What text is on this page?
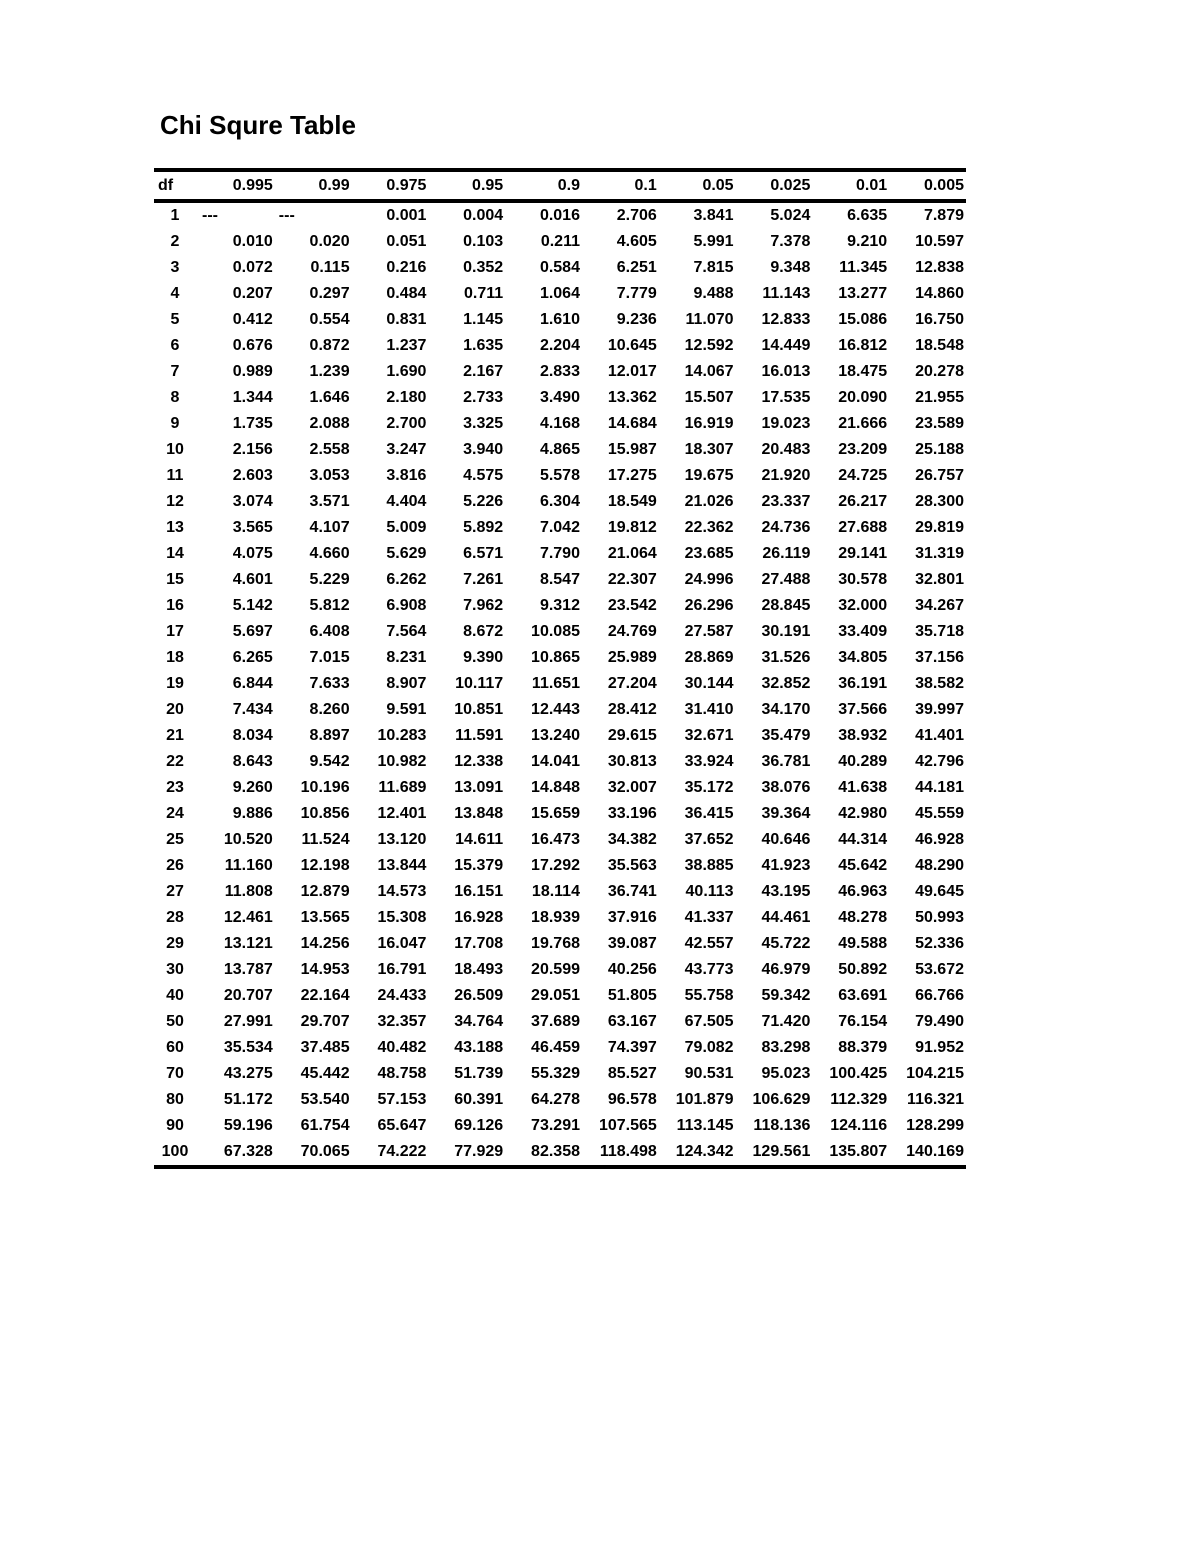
Chi Squre Table
df	0.995	0.99	0.975	0.95	0.9	0.1	0.05	0.025	0.01	0.005
1	---	---	0.001	0.004	0.016	2.706	3.841	5.024	6.635	7.879
2	0.010	0.020	0.051	0.103	0.211	4.605	5.991	7.378	9.210	10.597
3	0.072	0.115	0.216	0.352	0.584	6.251	7.815	9.348	11.345	12.838
4	0.207	0.297	0.484	0.711	1.064	7.779	9.488	11.143	13.277	14.860
5	0.412	0.554	0.831	1.145	1.610	9.236	11.070	12.833	15.086	16.750
6	0.676	0.872	1.237	1.635	2.204	10.645	12.592	14.449	16.812	18.548
7	0.989	1.239	1.690	2.167	2.833	12.017	14.067	16.013	18.475	20.278
8	1.344	1.646	2.180	2.733	3.490	13.362	15.507	17.535	20.090	21.955
9	1.735	2.088	2.700	3.325	4.168	14.684	16.919	19.023	21.666	23.589
10	2.156	2.558	3.247	3.940	4.865	15.987	18.307	20.483	23.209	25.188
11	2.603	3.053	3.816	4.575	5.578	17.275	19.675	21.920	24.725	26.757
12	3.074	3.571	4.404	5.226	6.304	18.549	21.026	23.337	26.217	28.300
13	3.565	4.107	5.009	5.892	7.042	19.812	22.362	24.736	27.688	29.819
14	4.075	4.660	5.629	6.571	7.790	21.064	23.685	26.119	29.141	31.319
15	4.601	5.229	6.262	7.261	8.547	22.307	24.996	27.488	30.578	32.801
16	5.142	5.812	6.908	7.962	9.312	23.542	26.296	28.845	32.000	34.267
17	5.697	6.408	7.564	8.672	10.085	24.769	27.587	30.191	33.409	35.718
18	6.265	7.015	8.231	9.390	10.865	25.989	28.869	31.526	34.805	37.156
19	6.844	7.633	8.907	10.117	11.651	27.204	30.144	32.852	36.191	38.582
20	7.434	8.260	9.591	10.851	12.443	28.412	31.410	34.170	37.566	39.997
21	8.034	8.897	10.283	11.591	13.240	29.615	32.671	35.479	38.932	41.401
22	8.643	9.542	10.982	12.338	14.041	30.813	33.924	36.781	40.289	42.796
23	9.260	10.196	11.689	13.091	14.848	32.007	35.172	38.076	41.638	44.181
24	9.886	10.856	12.401	13.848	15.659	33.196	36.415	39.364	42.980	45.559
25	10.520	11.524	13.120	14.611	16.473	34.382	37.652	40.646	44.314	46.928
26	11.160	12.198	13.844	15.379	17.292	35.563	38.885	41.923	45.642	48.290
27	11.808	12.879	14.573	16.151	18.114	36.741	40.113	43.195	46.963	49.645
28	12.461	13.565	15.308	16.928	18.939	37.916	41.337	44.461	48.278	50.993
29	13.121	14.256	16.047	17.708	19.768	39.087	42.557	45.722	49.588	52.336
30	13.787	14.953	16.791	18.493	20.599	40.256	43.773	46.979	50.892	53.672
40	20.707	22.164	24.433	26.509	29.051	51.805	55.758	59.342	63.691	66.766
50	27.991	29.707	32.357	34.764	37.689	63.167	67.505	71.420	76.154	79.490
60	35.534	37.485	40.482	43.188	46.459	74.397	79.082	83.298	88.379	91.952
70	43.275	45.442	48.758	51.739	55.329	85.527	90.531	95.023	100.425	104.215
80	51.172	53.540	57.153	60.391	64.278	96.578	101.879	106.629	112.329	116.321
90	59.196	61.754	65.647	69.126	73.291	107.565	113.145	118.136	124.116	128.299
100	67.328	70.065	74.222	77.929	82.358	118.498	124.342	129.561	135.807	140.169
